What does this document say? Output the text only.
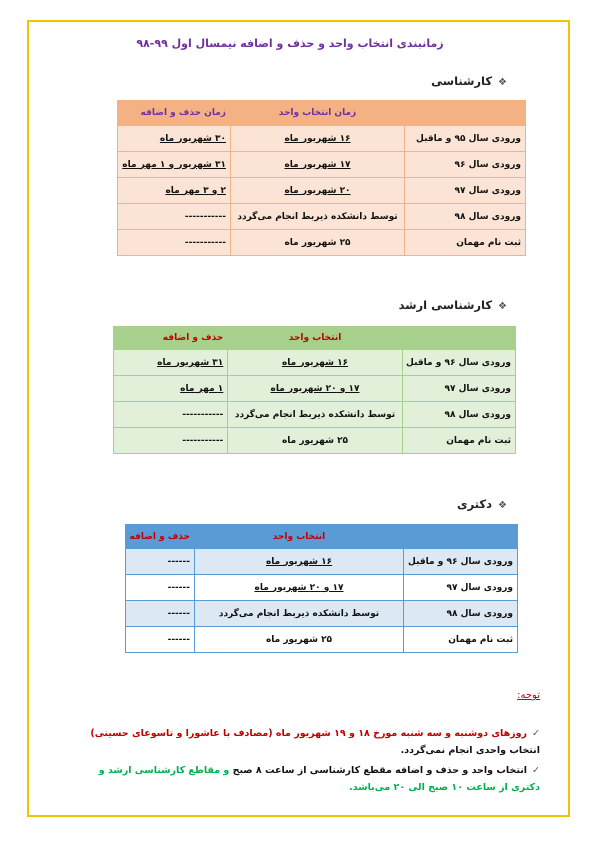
زمانبندی انتخاب واحد و حذف و اضافه نیمسال اول ۹۹-۹۸
❖کارشناسی
	زمان انتخاب واحد	زمان حذف و اضافه
ورودی سال ۹۵ و ماقبل	۱۶ شهریور ماه	۳۰ شهریور ماه
ورودی سال ۹۶	۱۷ شهریور ماه	۳۱ شهریور و ۱ مهر ماه
ورودی سال ۹۷	۲۰ شهریور ماه	۲ و ۳ مهر ماه
ورودی سال ۹۸	توسط دانشکده ذیربط انجام می‌گردد	-----------
ثبت نام مهمان	۲۵ شهریور ماه	-----------
❖کارشناسی ارشد
	انتخاب واحد	حذف و اضافه
ورودی سال ۹۶ و ماقبل	۱۶ شهریور ماه	۳۱ شهریور ماه
ورودی سال ۹۷	۱۷ و ۲۰ شهریور ماه	۱ مهر ماه
ورودی سال ۹۸	توسط دانشکده ذیربط انجام می‌گردد	-----------
ثبت نام مهمان	۲۵ شهریور ماه	-----------
❖دکتری
	انتخاب واحد	حذف و اضافه
ورودی سال ۹۶ و ماقبل	۱۶ شهریور ماه	------
ورودی سال ۹۷	۱۷ و ۲۰ شهریور ماه	------
ورودی سال ۹۸	توسط دانشکده ذیربط انجام می‌گردد	------
ثبت نام مهمان	۲۵ شهریور ماه	------
توجه:
✓روزهای دوشنبه و سه شنبه مورخ ۱۸ و ۱۹ شهریور ماه (مصادف با عاشورا و تاسوعای حسینی)
انتخاب واحدی انجام نمی‌گردد.
✓انتخاب واحد و حذف و اضافه مقطع کارشناسی از ساعت ۸ صبح و مقاطع کارشناسی ارشد و دکتری از ساعت ۱۰ صبح الی ۲۰ می‌باشد.
